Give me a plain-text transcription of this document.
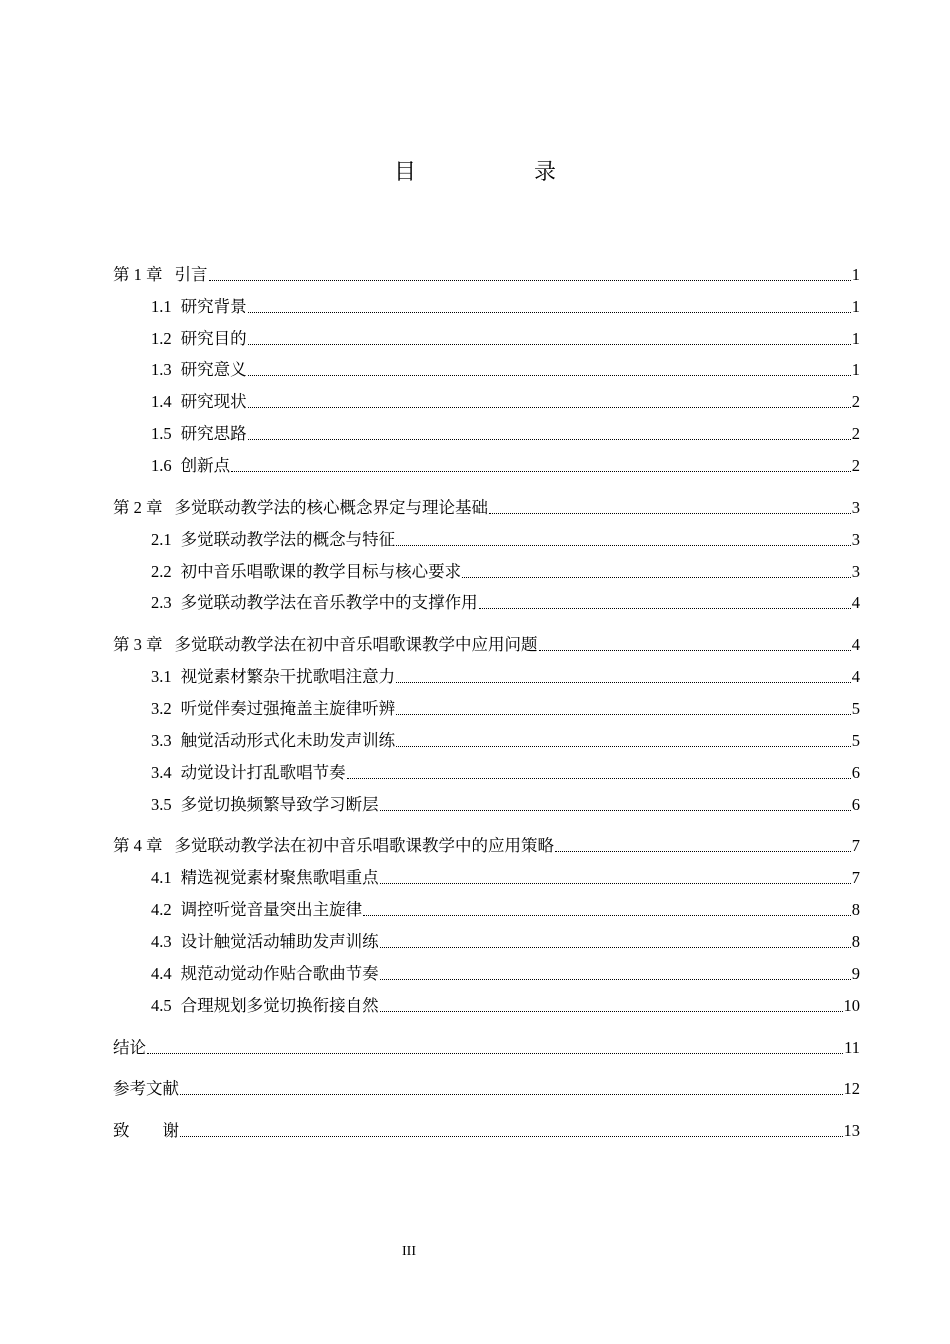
目　录
第 1 章 引言	1
1.1 研究背景	1
1.2 研究目的	1
1.3 研究意义	1
1.4 研究现状	2
1.5 研究思路	2
1.6 创新点	2
第 2 章 多觉联动教学法的核心概念界定与理论基础	3
2.1 多觉联动教学法的概念与特征	3
2.2 初中音乐唱歌课的教学目标与核心要求	3
2.3 多觉联动教学法在音乐教学中的支撑作用	4
第 3 章 多觉联动教学法在初中音乐唱歌课教学中应用问题	4
3.1 视觉素材繁杂干扰歌唱注意力	4
3.2 听觉伴奏过强掩盖主旋律听辨	5
3.3 触觉活动形式化未助发声训练	5
3.4 动觉设计打乱歌唱节奏	6
3.5 多觉切换频繁导致学习断层	6
第 4 章 多觉联动教学法在初中音乐唱歌课教学中的应用策略	7
4.1 精选视觉素材聚焦歌唱重点	7
4.2 调控听觉音量突出主旋律	8
4.3 设计触觉活动辅助发声训练	8
4.4 规范动觉动作贴合歌曲节奏	9
4.5 合理规划多觉切换衔接自然	10
结论	11
参考文献	12
致　　谢	13
III
